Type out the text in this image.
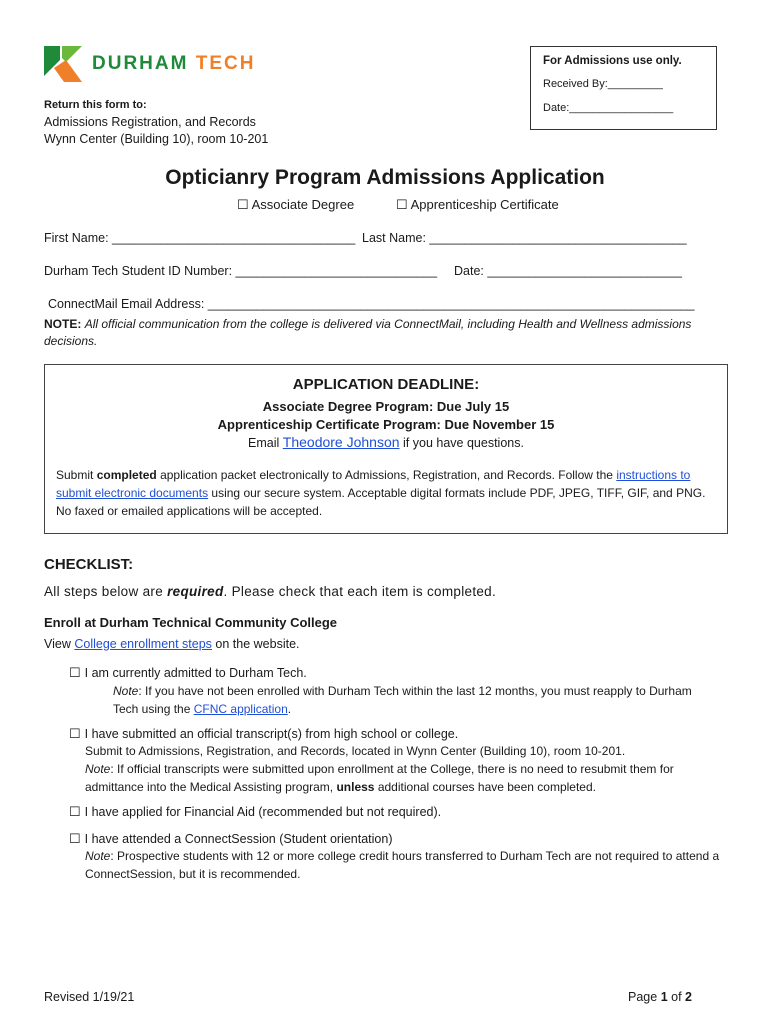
DURHAM TECH	For Admissions use only.
Received By:_________
Date:_________________
Return this form to:
Admissions Registration, and Records
Wynn Center (Building 10), room 10-201
Opticianry Program Admissions Application
☐ Associate Degree	☐ Apprenticeship Certificate
First Name: ___________________________________ Last Name: _____________________________________
Durham Tech Student ID Number: _____________________________ Date: ____________________________
ConnectMail Email Address: ______________________________________________________________________
NOTE: All official communication from the college is delivered via ConnectMail, including Health and Wellness admissions decisions.
APPLICATION DEADLINE:
Associate Degree Program: Due July 15
Apprenticeship Certificate Program: Due November 15
Email Theodore Johnson if you have questions.
Submit completed application packet electronically to Admissions, Registration, and Records. Follow the instructions to submit electronic documents using our secure system. Acceptable digital formats include PDF, JPEG, TIFF, GIF, and PNG. No faxed or emailed applications will be accepted.
CHECKLIST:
All steps below are required. Please check that each item is completed.
Enroll at Durham Technical Community College
View College enrollment steps on the website.
☐ I am currently admitted to Durham Tech.
Note: If you have not been enrolled with Durham Tech within the last 12 months, you must reapply to Durham Tech using the CFNC application.
☐ I have submitted an official transcript(s) from high school or college.
Submit to Admissions, Registration, and Records, located in Wynn Center (Building 10), room 10-201.
Note: If official transcripts were submitted upon enrollment at the College, there is no need to resubmit them for admittance into the Medical Assisting program, unless additional courses have been completed.
☐ I have applied for Financial Aid (recommended but not required).
☐ I have attended a ConnectSession (Student orientation)
Note: Prospective students with 12 or more college credit hours transferred to Durham Tech are not required to attend a ConnectSession, but it is recommended.
Revised 1/19/21	Page 1 of 2
